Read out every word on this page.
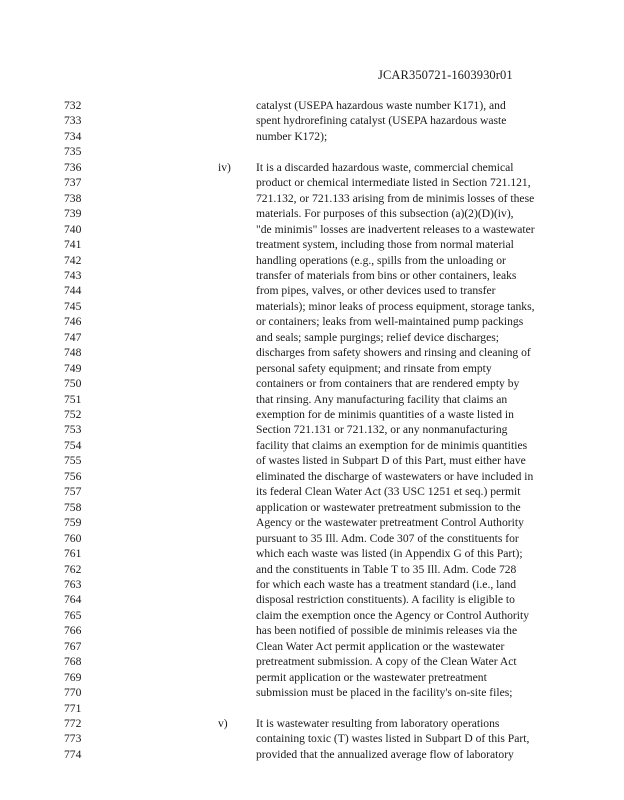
JCAR350721-1603930r01
732	catalyst (USEPA hazardous waste number K171), and
733	spent hydrorefining catalyst (USEPA hazardous waste
734	number K172);
735
736	iv) It is a discarded hazardous waste, commercial chemical
737	product or chemical intermediate listed in Section 721.121,
738	721.132, or 721.133 arising from de minimis losses of these
739	materials. For purposes of this subsection (a)(2)(D)(iv),
740	"de minimis" losses are inadvertent releases to a wastewater
741	treatment system, including those from normal material
742	handling operations (e.g., spills from the unloading or
743	transfer of materials from bins or other containers, leaks
744	from pipes, valves, or other devices used to transfer
745	materials); minor leaks of process equipment, storage tanks,
746	or containers; leaks from well-maintained pump packings
747	and seals; sample purgings; relief device discharges;
748	discharges from safety showers and rinsing and cleaning of
749	personal safety equipment; and rinsate from empty
750	containers or from containers that are rendered empty by
751	that rinsing. Any manufacturing facility that claims an
752	exemption for de minimis quantities of a waste listed in
753	Section 721.131 or 721.132, or any nonmanufacturing
754	facility that claims an exemption for de minimis quantities
755	of wastes listed in Subpart D of this Part, must either have
756	eliminated the discharge of wastewaters or have included in
757	its federal Clean Water Act (33 USC 1251 et seq.) permit
758	application or wastewater pretreatment submission to the
759	Agency or the wastewater pretreatment Control Authority
760	pursuant to 35 Ill. Adm. Code 307 of the constituents for
761	which each waste was listed (in Appendix G of this Part);
762	and the constituents in Table T to 35 Ill. Adm. Code 728
763	for which each waste has a treatment standard (i.e., land
764	disposal restriction constituents). A facility is eligible to
765	claim the exemption once the Agency or Control Authority
766	has been notified of possible de minimis releases via the
767	Clean Water Act permit application or the wastewater
768	pretreatment submission. A copy of the Clean Water Act
769	permit application or the wastewater pretreatment
770	submission must be placed in the facility's on-site files;
771
772	v) It is wastewater resulting from laboratory operations
773	containing toxic (T) wastes listed in Subpart D of this Part,
774	provided that the annualized average flow of laboratory
